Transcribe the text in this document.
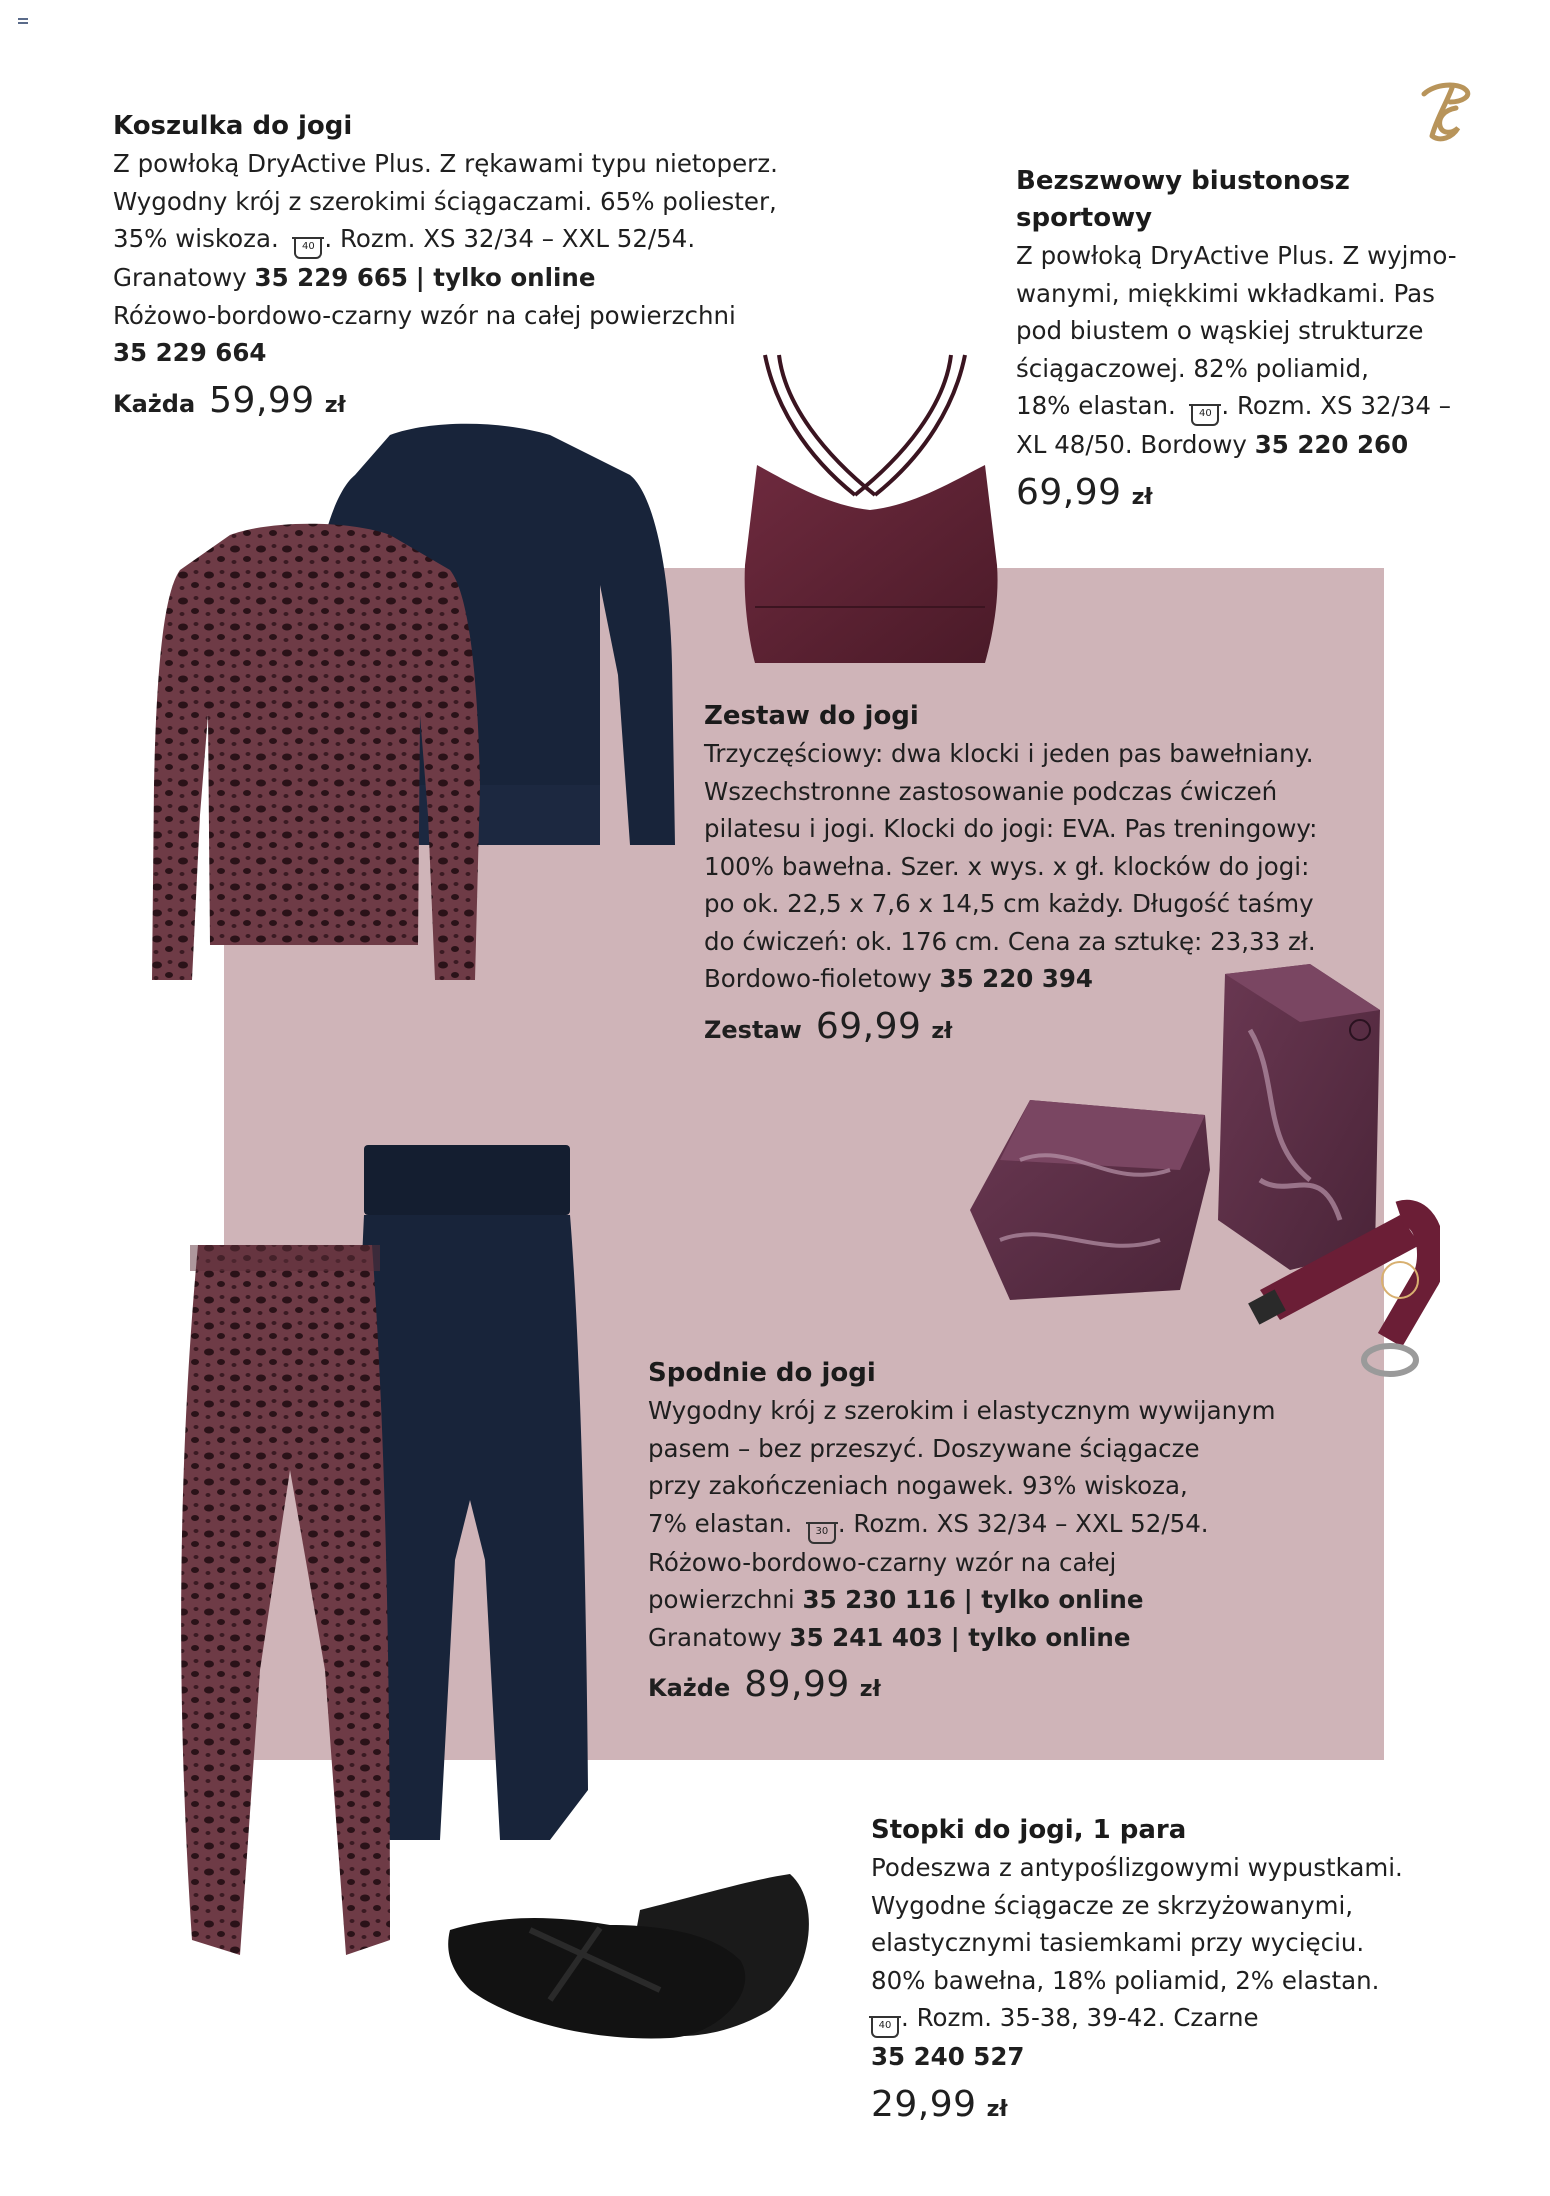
Koszulka do jogi
Z powłoką DryActive Plus. Z rękawami typu nietoperz.
Wygodny krój z szerokimi ściągaczami. 65% poliester,
35% wiskoza. 40 . Rozm. XS 32/34 – XXL 52/54.
Granatowy 35 229 665 | tylko online
Różowo-bordowo-czarny wzór na całej powierzchni
35 229 664
Każda 59,99 zł
Bezszwowy biustonosz
sportowy
Z powłoką DryActive Plus. Z wyjmo-
wanymi, miękkimi wkładkami. Pas
pod biustem o wąskiej strukturze
ściągaczowej. 82% poliamid,
18% elastan. 40 . Rozm. XS 32/34 –
XL 48/50. Bordowy 35 220 260
69,99 zł
Zestaw do jogi
Trzyczęściowy: dwa klocki i jeden pas bawełniany.
Wszechstronne zastosowanie podczas ćwiczeń
pilatesu i jogi. Klocki do jogi: EVA. Pas treningowy:
100% bawełna. Szer. x wys. x gł. klocków do jogi:
po ok. 22,5 x 7,6 x 14,5 cm każdy. Długość taśmy
do ćwiczeń: ok. 176 cm. Cena za sztukę: 23,33 zł.
Bordowo-fioletowy 35 220 394
Zestaw 69,99 zł
Spodnie do jogi
Wygodny krój z szerokim i elastycznym wywijanym
pasem – bez przeszyć. Doszywane ściągacze
przy zakończeniach nogawek. 93% wiskoza,
7% elastan. 30 . Rozm. XS 32/34 – XXL 52/54.
Różowo-bordowo-czarny wzór na całej
powierzchni 35 230 116 | tylko online
Granatowy 35 241 403 | tylko online
Każde 89,99 zł
Stopki do jogi, 1 para
Podeszwa z antypoślizgowymi wypustkami.
Wygodne ściągacze ze skrzyżowanymi,
elastycznymi tasiemkami przy wycięciu.
80% bawełna, 18% poliamid, 2% elastan.
40 . Rozm. 35-38, 39-42. Czarne
35 240 527
29,99 zł
